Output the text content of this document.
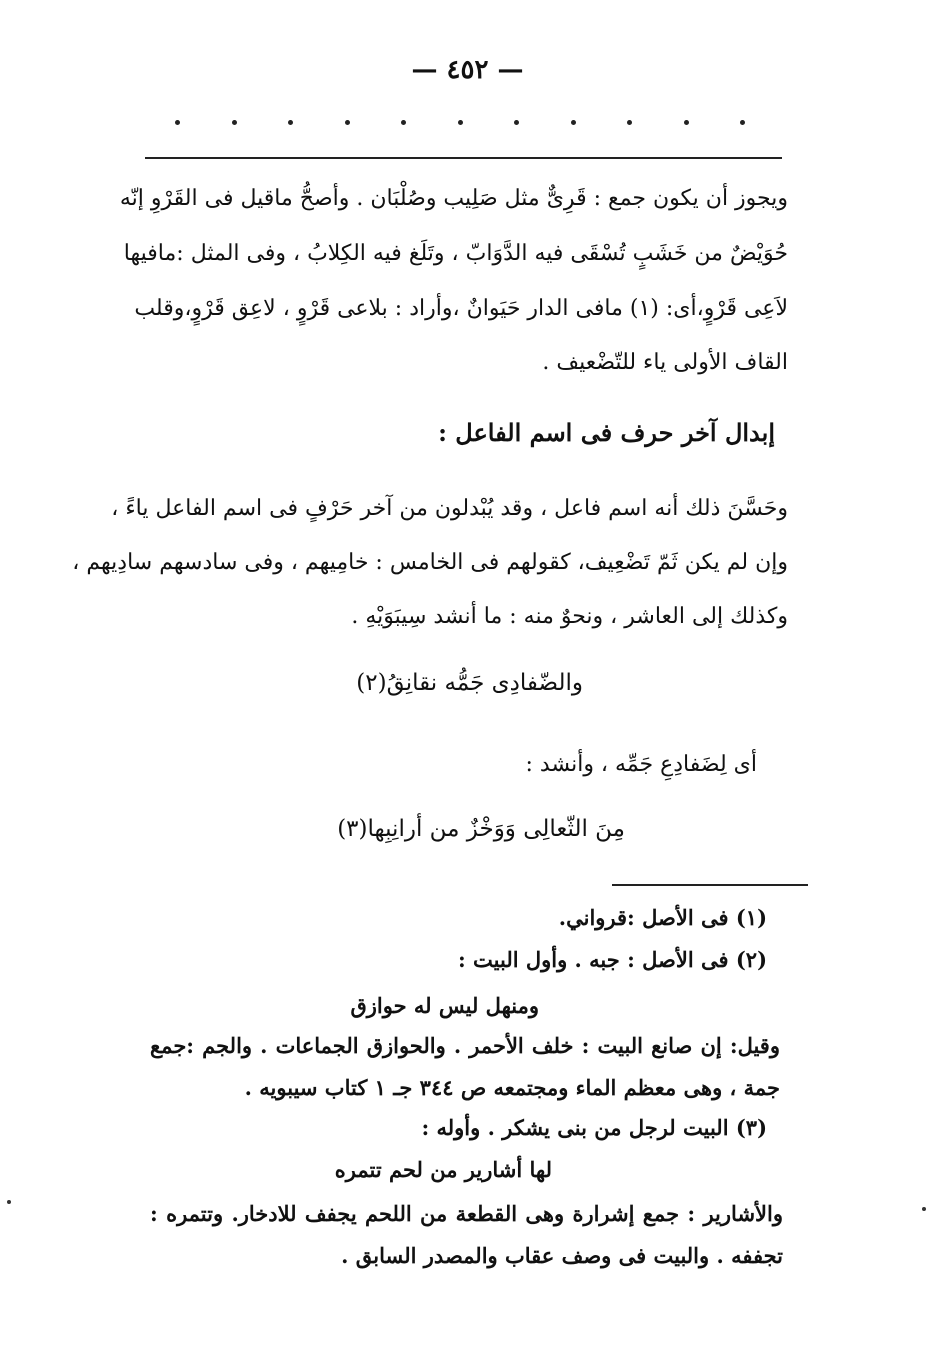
— ٤٥٢ —
ويجوز أن يكون جمع : قَرِىٌّ مثل صَلِيب وصُلْبَان . وأصحُّ ماقيل فى القَرْوِ إنّه
حُوَيْضٌ من خَشَبٍ تُسْقَى فيه الدَّوَابّ ، وتَلَغ فيه الكِلابُ ، وفى المثل :مافيها
لاَعِى قَرْوٍ،أى: (١) مافى الدار حَيَوانٌ ،وأراد : بلاعى قَرْوٍ ، لاعِق قَرْوٍ،وقلب
القاف الأولى ياء للتّضْعيف .
إبدال آخر حرف فى اسم الفاعل :
وحَسَّنَ ذلك أنه اسم فاعل ، وقد يُبْدلون من آخر حَرْفٍ فى اسم الفاعل ياءً ،
وإن لم يكن ثَمّ تَضْعِيف، كقولهم فى الخامس : خامِيهم ، وفى سادسهم سادِيهم ،
وكذلك إلى العاشر ، ونحوٌ منه : ما أنشد سِيبَوَيْهِ .
والضّفادِى جَمُّه نقانِقُ(٢)
أى لِضَفادِعِ جَمِّه ، وأنشد :
مِنَ الثّعالِى وَوَخْزٌ من أرانِبِها(٣)
(١) فى الأصل :قرواني.
(٢) فى الأصل : جبه . وأول البيت :
ومنهل ليس له حوازق
وقيل: إن صانع البيت : خلف الأحمر . والحوازق الجماعات . والجم :جمع
جمة ، وهى معظم الماء ومجتمعه ص ٣٤٤ جـ ١ كتاب سيبويه .
(٣) البيت لرجل من بنى يشكر . وأوله :
لها أشارير من لحم تتمره
والأشارير : جمع إشرارة وهى القطعة من اللحم يجفف للادخار. وتتمره :
تجففه . والبيت فى وصف عقاب والمصدر السابق .
